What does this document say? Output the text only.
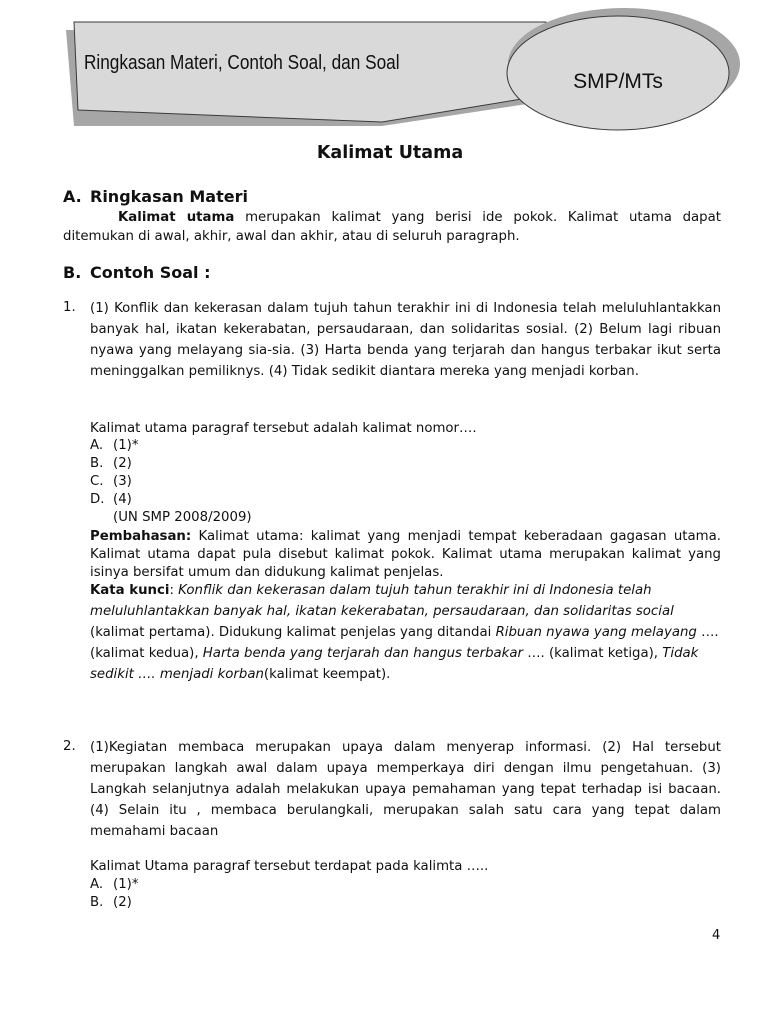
Ringkasan Materi, Contoh Soal, dan Soal
SMP/MTs
Kalimat Utama
A. Ringkasan Materi

Kalimat utama merupakan kalimat yang berisi ide pokok. Kalimat utama dapat ditemukan di awal, akhir, awal dan akhir, atau di seluruh paragraph.

B. Contoh Soal :
1. (1) Konflik dan kekerasan dalam tujuh tahun terakhir ini di Indonesia telah meluluhlantakkan banyak hal, ikatan kekerabatan, persaudaraan, dan solidaritas sosial. (2) Belum lagi ribuan nyawa yang melayang sia-sia. (3) Harta benda yang terjarah dan hangus terbakar ikut serta meninggalkan pemiliknys. (4) Tidak sedikit diantara mereka yang menjadi korban.

Kalimat utama paragraf tersebut adalah kalimat nomor….
A. (1)*
B. (2)
C. (3)
D. (4)
(UN SMP 2008/2009)

Pembahasan: Kalimat utama: kalimat yang menjadi tempat keberadaan gagasan utama. Kalimat utama dapat pula disebut kalimat pokok. Kalimat utama merupakan kalimat yang isinya bersifat umum dan didukung kalimat penjelas.

Kata kunci: Konflik dan kekerasan dalam tujuh tahun terakhir ini di Indonesia telah meluluhlantakkan banyak hal, ikatan kekerabatan, persaudaraan, dan solidaritas social (kalimat pertama). Didukung kalimat penjelas yang ditandai Ribuan nyawa yang melayang ….(kalimat kedua), Harta benda yang terjarah dan hangus terbakar …. (kalimat ketiga), Tidak sedikit …. menjadi korban(kalimat keempat).

2. (1)Kegiatan membaca merupakan upaya dalam menyerap informasi. (2) Hal tersebut merupakan langkah awal dalam upaya memperkaya diri dengan ilmu pengetahuan. (3) Langkah selanjutnya adalah melakukan upaya pemahaman yang tepat terhadap isi bacaan. (4) Selain itu , membaca berulangkali, merupakan salah satu cara yang tepat dalam memahami bacaan

Kalimat Utama paragraf tersebut terdapat pada kalimta …..
A. (1)*
B. (2)
4
